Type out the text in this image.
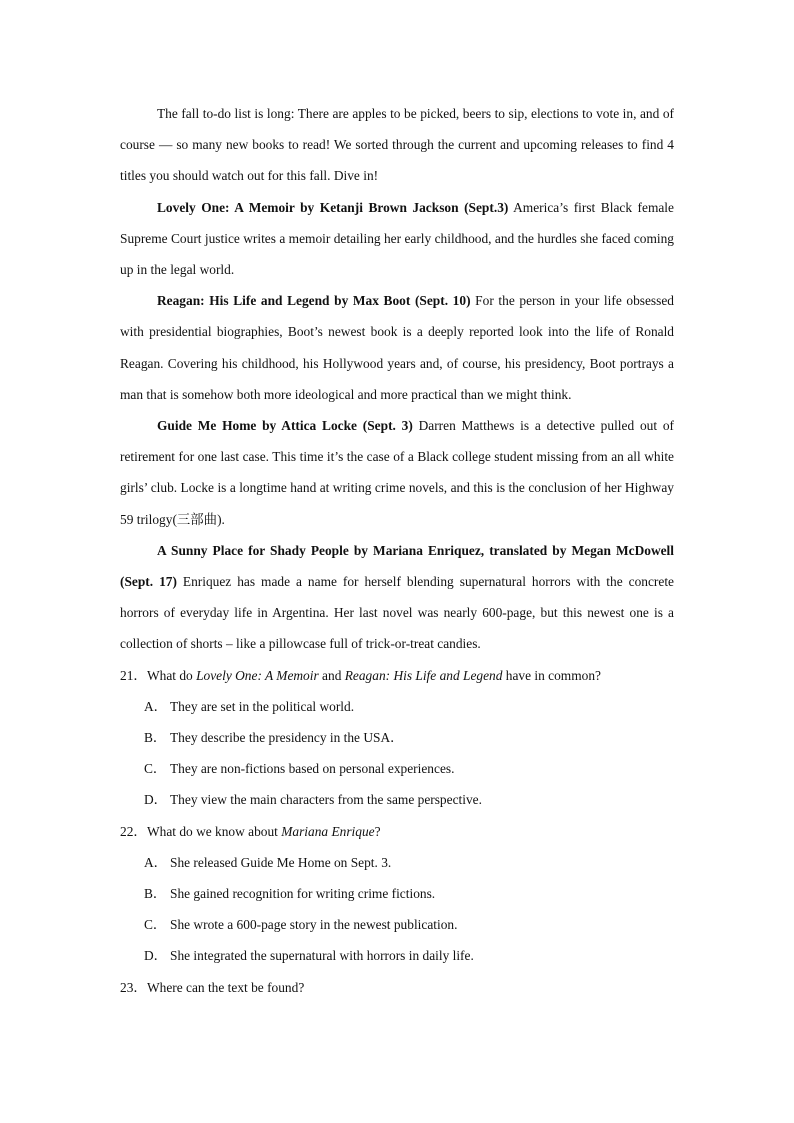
The fall to-do list is long: There are apples to be picked, beers to sip, elections to vote in, and of course — so many new books to read! We sorted through the current and upcoming releases to find 4 titles you should watch out for this fall. Dive in!

Lovely One: A Memoir by Ketanji Brown Jackson (Sept.3) America’s first Black female Supreme Court justice writes a memoir detailing her early childhood, and the hurdles she faced coming up in the legal world.

Reagan: His Life and Legend by Max Boot (Sept. 10) For the person in your life obsessed with presidential biographies, Boot’s newest book is a deeply reported look into the life of Ronald Reagan. Covering his childhood, his Hollywood years and, of course, his presidency, Boot portrays a man that is somehow both more ideological and more practical than we might think.

Guide Me Home by Attica Locke (Sept. 3) Darren Matthews is a detective pulled out of retirement for one last case. This time it’s the case of a Black college student missing from an all white girls’ club. Locke is a longtime hand at writing crime novels, and this is the conclusion of her Highway 59 trilogy(三部曲).

A Sunny Place for Shady People by Mariana Enriquez, translated by Megan McDowell (Sept. 17) Enriquez has made a name for herself blending supernatural horrors with the concrete horrors of everyday life in Argentina. Her last novel was nearly 600-page, but this newest one is a collection of shorts – like a pillowcase full of trick-or-treat candies.

21．What do Lovely One: A Memoir and Reagan: His Life and Legend have in common?

A． They are set in the political world.

B． They describe the presidency in the USA．

C． They are non-fictions based on personal experiences.

D． They view the main characters from the same perspective.

22．What do we know about Mariana Enrique?

A． She released Guide Me Home on Sept. 3.

B． She gained recognition for writing crime fictions.

C． She wrote a 600-page story in the newest publication.

D． She integrated the supernatural with horrors in daily life.

23．Where can the text be found?
